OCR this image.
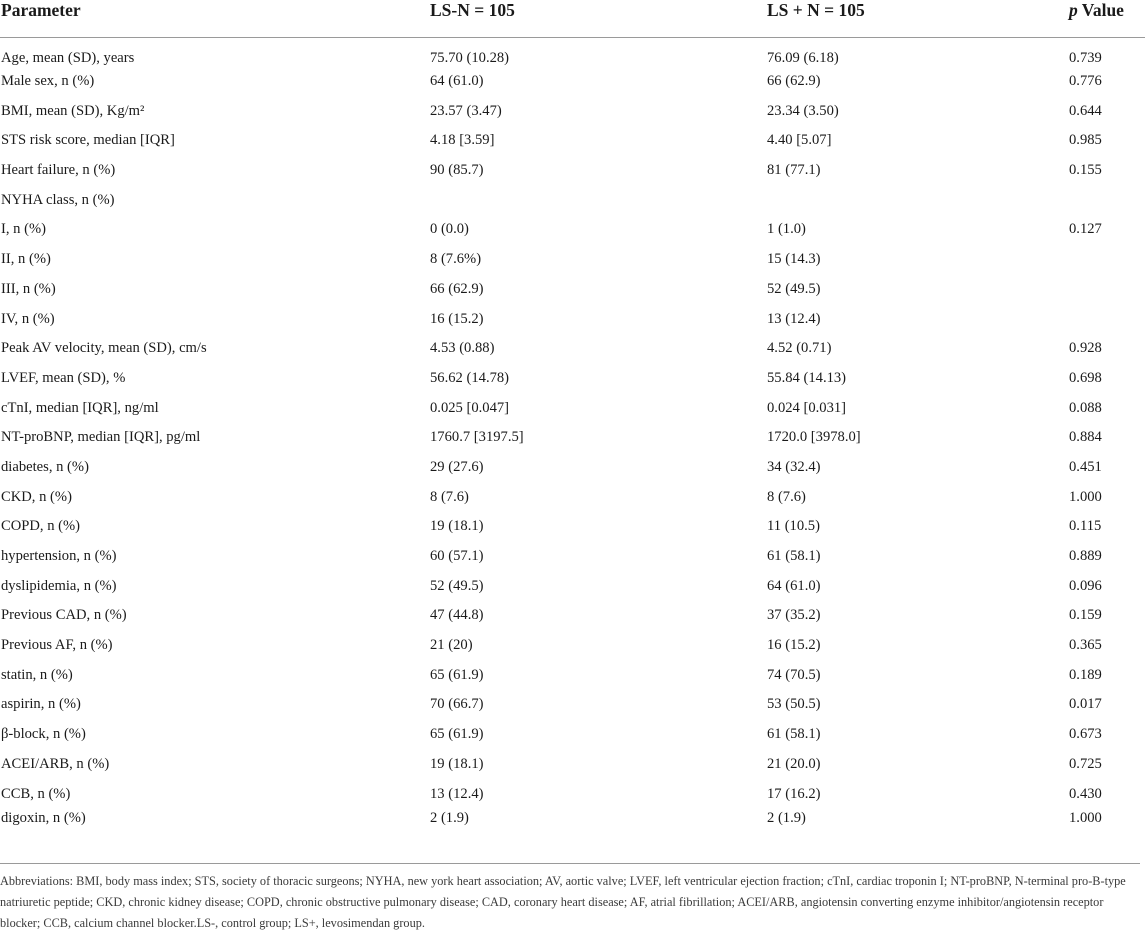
Parameter	LS-N = 105	LS + N = 105	p Value
Age, mean (SD), years	75.70 (10.28)	76.09 (6.18)	0.739
Male sex, n (%)	64 (61.0)	66 (62.9)	0.776
BMI, mean (SD), Kg/m²	23.57 (3.47)	23.34 (3.50)	0.644
STS risk score, median [IQR]	4.18 [3.59]	4.40 [5.07]	0.985
Heart failure, n (%)	90 (85.7)	81 (77.1)	0.155
NYHA class, n (%)			
I, n (%)	0 (0.0)	1 (1.0)	0.127
II, n (%)	8 (7.6%)	15 (14.3)	
III, n (%)	66 (62.9)	52 (49.5)	
IV, n (%)	16 (15.2)	13 (12.4)	
Peak AV velocity, mean (SD), cm/s	4.53 (0.88)	4.52 (0.71)	0.928
LVEF, mean (SD), %	56.62 (14.78)	55.84 (14.13)	0.698
cTnI, median [IQR], ng/ml	0.025 [0.047]	0.024 [0.031]	0.088
NT-proBNP, median [IQR], pg/ml	1760.7 [3197.5]	1720.0 [3978.0]	0.884
diabetes, n (%)	29 (27.6)	34 (32.4)	0.451
CKD, n (%)	8 (7.6)	8 (7.6)	1.000
COPD, n (%)	19 (18.1)	11 (10.5)	0.115
hypertension, n (%)	60 (57.1)	61 (58.1)	0.889
dyslipidemia, n (%)	52 (49.5)	64 (61.0)	0.096
Previous CAD, n (%)	47 (44.8)	37 (35.2)	0.159
Previous AF, n (%)	21 (20)	16 (15.2)	0.365
statin, n (%)	65 (61.9)	74 (70.5)	0.189
aspirin, n (%)	70 (66.7)	53 (50.5)	0.017
β-block, n (%)	65 (61.9)	61 (58.1)	0.673
ACEI/ARB, n (%)	19 (18.1)	21 (20.0)	0.725
CCB, n (%)	13 (12.4)	17 (16.2)	0.430
digoxin, n (%)	2 (1.9)	2 (1.9)	1.000
Abbreviations: BMI, body mass index; STS, society of thoracic surgeons; NYHA, new york heart association; AV, aortic valve; LVEF, left ventricular ejection fraction; cTnI, cardiac troponin I; NT-proBNP, N-terminal pro-B-type natriuretic peptide; CKD, chronic kidney disease; COPD, chronic obstructive pulmonary disease; CAD, coronary heart disease; AF, atrial fibrillation; ACEI/ARB, angiotensin converting enzyme inhibitor/angiotensin receptor blocker; CCB, calcium channel blocker.LS-, control group; LS+, levosimendan group.
